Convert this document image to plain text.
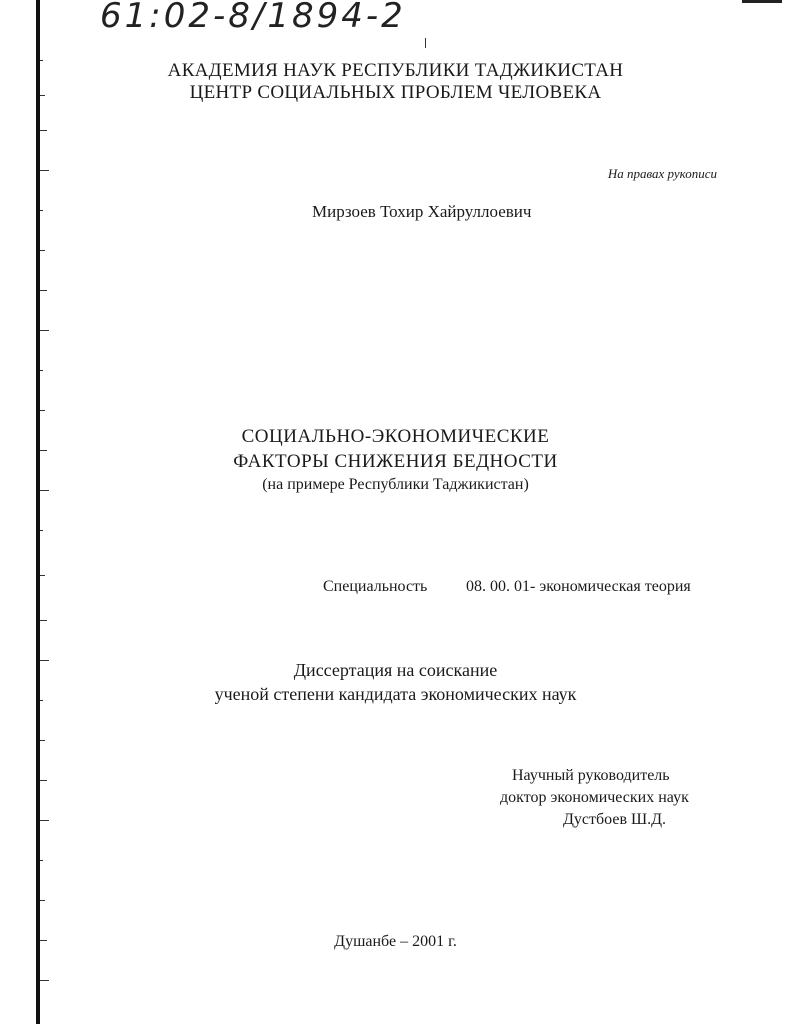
61:02-8/1894-2
АКАДЕМИЯ НАУК РЕСПУБЛИКИ ТАДЖИКИСТАН
ЦЕНТР СОЦИАЛЬНЫХ ПРОБЛЕМ ЧЕЛОВЕКА
На правах рукописи
Мирзоев Тохир Хайруллоевич
СОЦИАЛЬНО-ЭКОНОМИЧЕСКИЕ
ФАКТОРЫ СНИЖЕНИЯ БЕДНОСТИ
(на примере Республики Таджикистан)
Специальность 08. 00. 01- экономическая теория
Диссертация на соискание
ученой степени кандидата экономических наук
Научный руководитель
доктор экономических наук
Дустбоев Ш.Д.
Душанбе – 2001 г.
